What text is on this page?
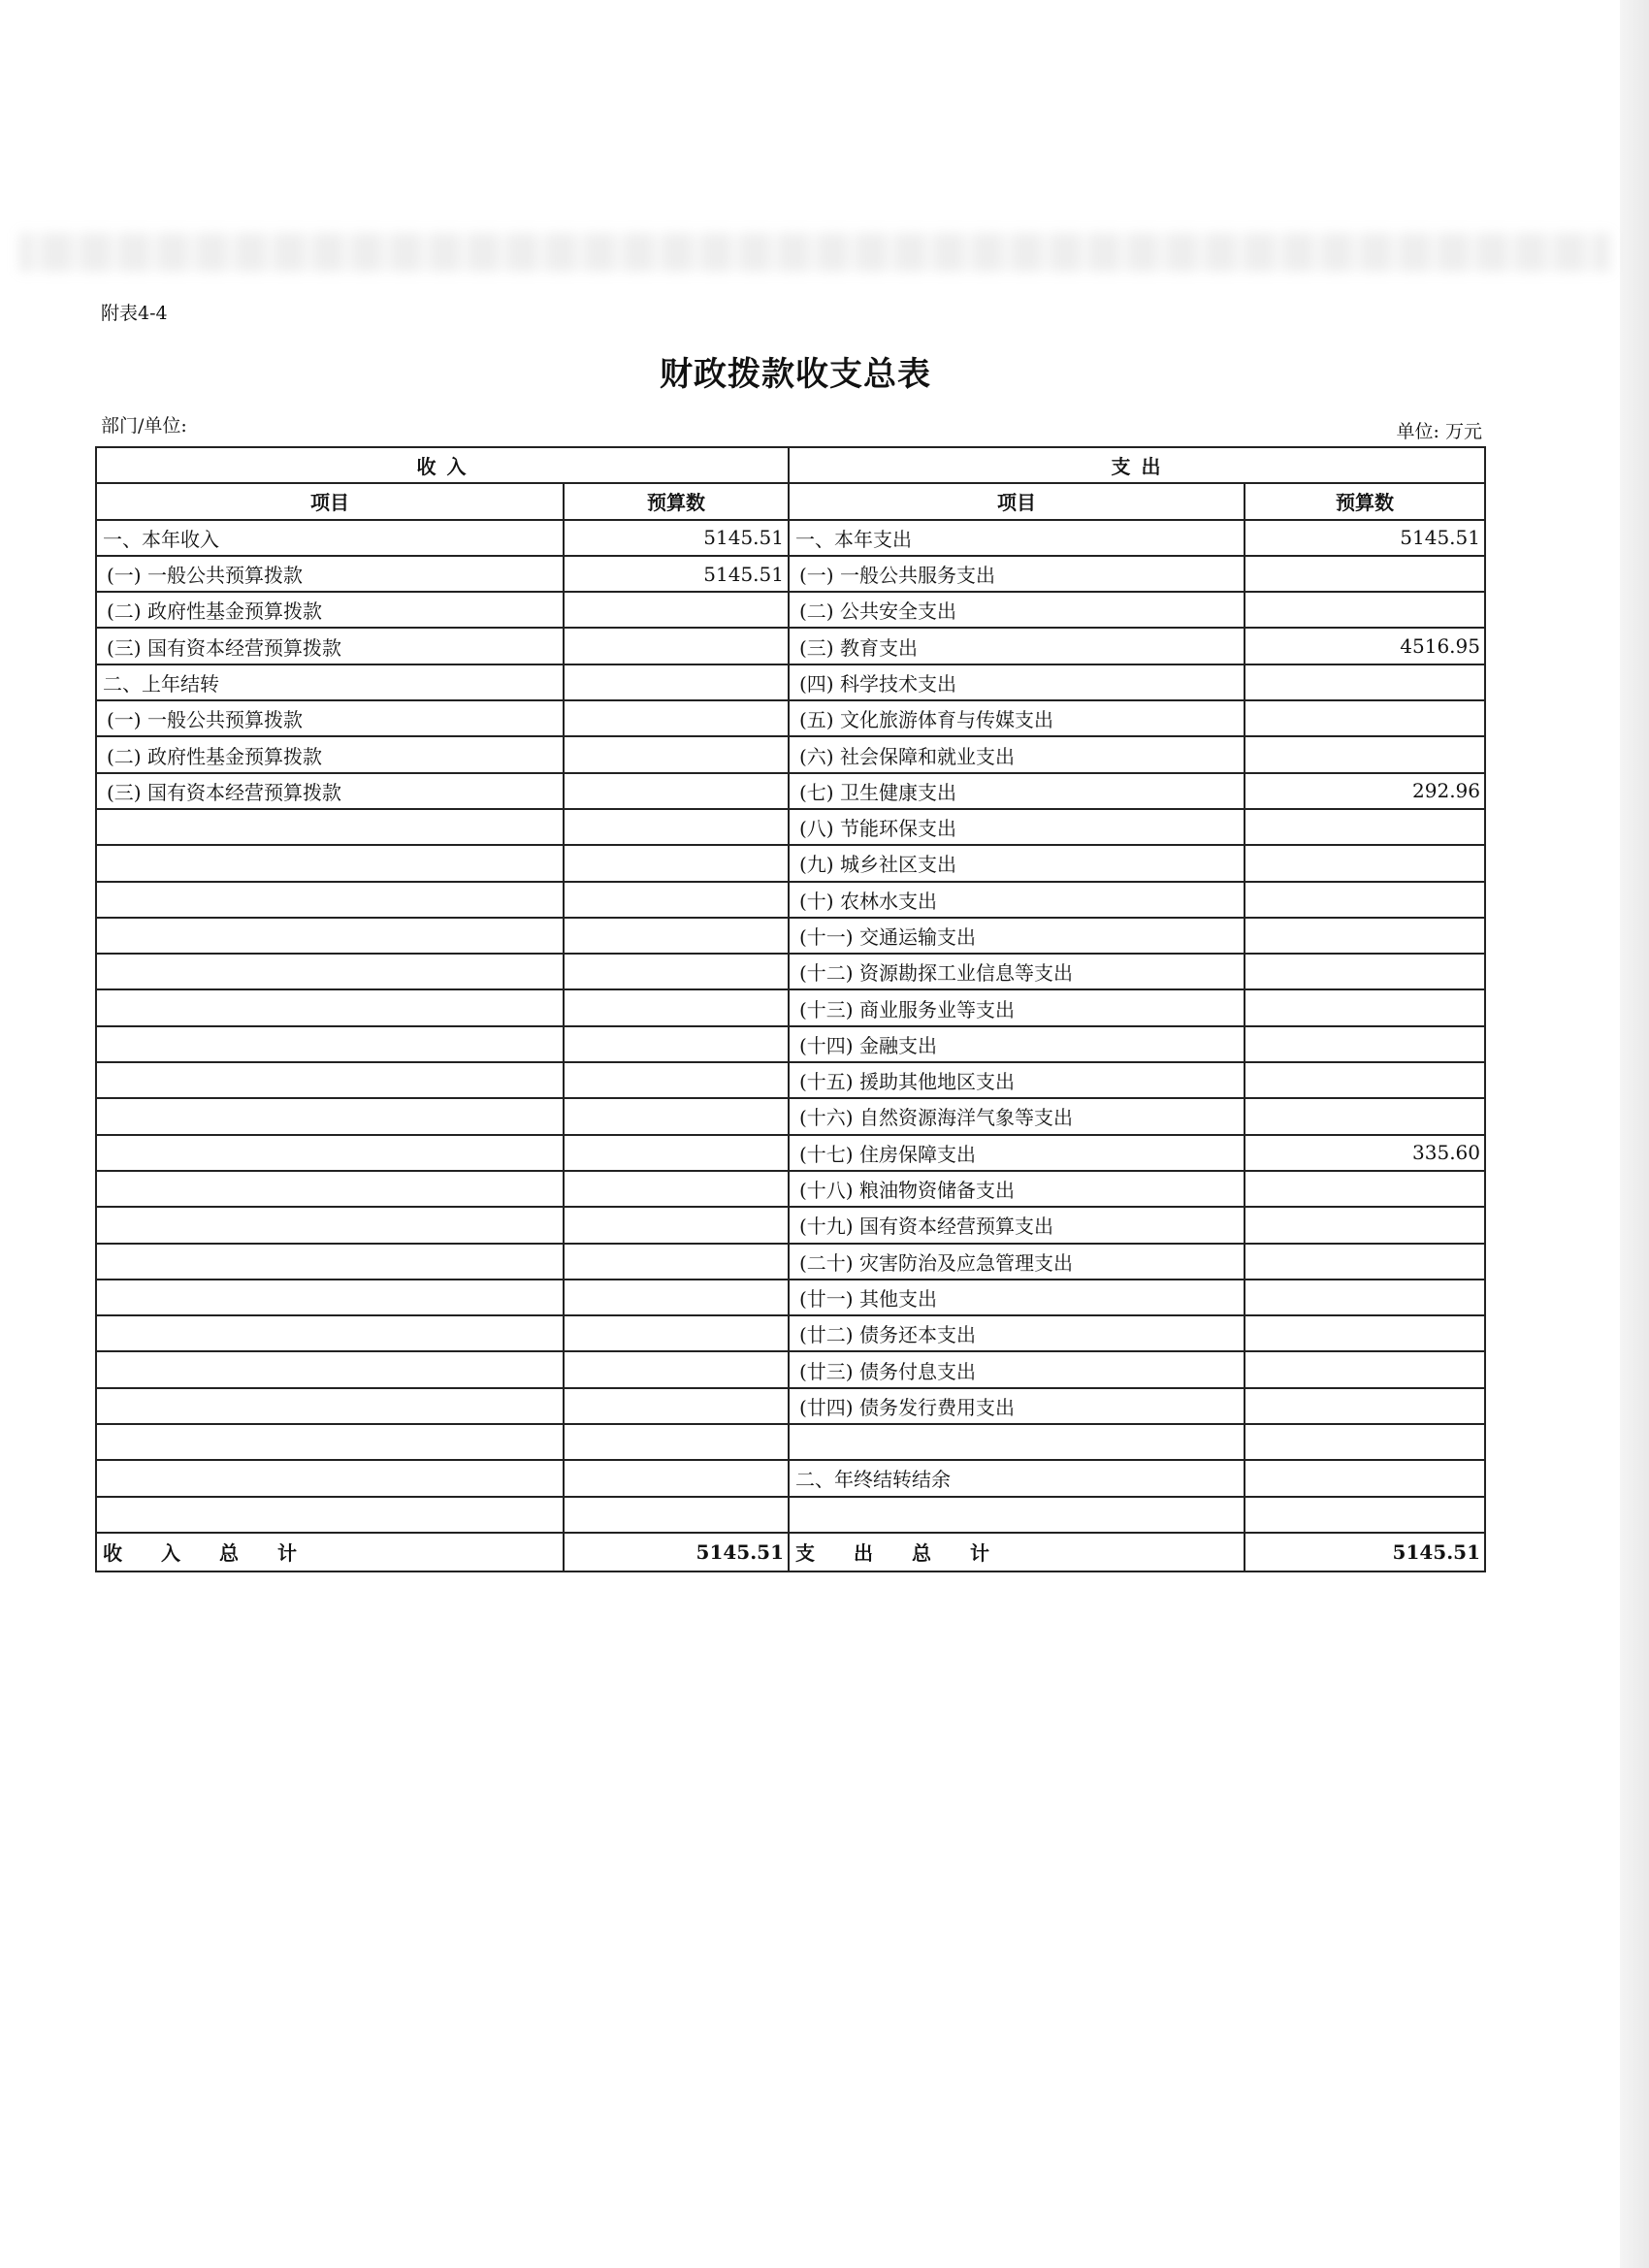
附表4-4
财政拨款收支总表
部门/单位:	单位: 万元
收 入		支 出	
项目	预算数	项目	预算数
一、本年收入	5145.51	一、本年支出	5145.51
(一) 一般公共预算拨款	5145.51	(一) 一般公共服务支出	
(二) 政府性基金预算拨款		(二) 公共安全支出	
(三) 国有资本经营预算拨款		(三) 教育支出	4516.95
二、上年结转		(四) 科学技术支出	
(一) 一般公共预算拨款		(五) 文化旅游体育与传媒支出	
(二) 政府性基金预算拨款		(六) 社会保障和就业支出	
(三) 国有资本经营预算拨款		(七) 卫生健康支出	292.96
		(八) 节能环保支出	
		(九) 城乡社区支出	
		(十) 农林水支出	
		(十一) 交通运输支出	
		(十二) 资源勘探工业信息等支出	
		(十三) 商业服务业等支出	
		(十四) 金融支出	
		(十五) 援助其他地区支出	
		(十六) 自然资源海洋气象等支出	
		(十七) 住房保障支出	335.60
		(十八) 粮油物资储备支出	
		(十九) 国有资本经营预算支出	
		(二十) 灾害防治及应急管理支出	
		(廿一) 其他支出	
		(廿二) 债务还本支出	
		(廿三) 债务付息支出	
		(廿四) 债务发行费用支出	

		二、年终结转结余	

收 入 总 计	5145.51	支 出 总 计	5145.51
